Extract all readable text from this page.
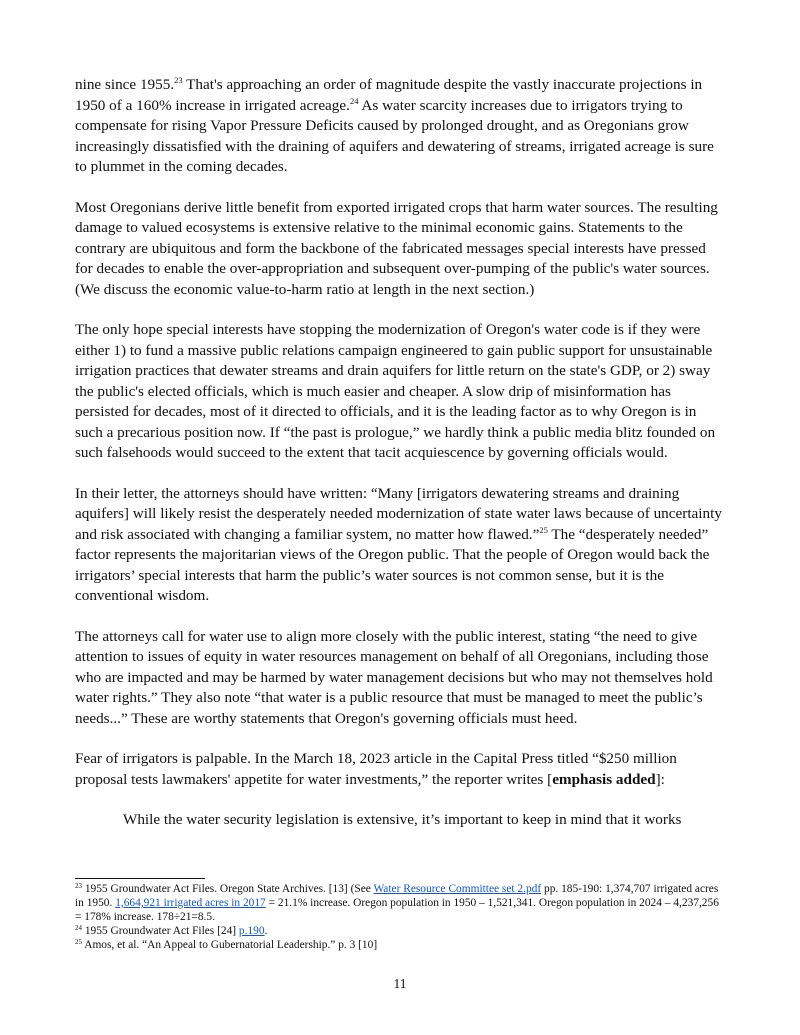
nine since 1955.23 That's approaching an order of magnitude despite the vastly inaccurate projections in 1950 of a 160% increase in irrigated acreage.$^{24}$ As water scarcity increases due to irrigators trying to compensate for rising Vapor Pressure Deficits caused by prolonged drought, and as Oregonians grow increasingly dissatisfied with the draining of aquifers and dewatering of streams, irrigated acreage is sure to plummet in the coming decades.

Most Oregonians derive little benefit from exported irrigated crops that harm water sources. The resulting damage to valued ecosystems is extensive relative to the minimal economic gains. Statements to the contrary are ubiquitous and form the backbone of the fabricated messages special interests have pressed for decades to enable the over-appropriation and subsequent over-pumping of the public's water sources. (We discuss the economic value-to-harm ratio at length in the next section.)

The only hope special interests have stopping the modernization of Oregon's water code is if they were either 1) to fund a massive public relations campaign engineered to gain public support for unsustainable irrigation practices that dewater streams and drain aquifers for little return on the state's GDP, or 2) sway the public's elected officials, which is much easier and cheaper. A slow drip of misinformation has persisted for decades, most of it directed to officials, and it is the leading factor as to why Oregon is in such a precarious position now. If “the past is prologue,” we hardly think a public media blitz founded on such falsehoods would succeed to the extent that tacit acquiescence by governing officials would.

In their letter, the attorneys should have written: “Many [irrigators dewatering streams and draining aquifers] will likely resist the desperately needed modernization of state water laws because of uncertainty and risk associated with changing a familiar system, no matter how flawed.”$^{25}$ The “desperately needed” factor represents the majoritarian views of the Oregon public. That the people of Oregon would back the irrigators’ special interests that harm the public’s water sources is not common sense, but it is the conventional wisdom.

The attorneys call for water use to align more closely with the public interest, stating “the need to give attention to issues of equity in water resources management on behalf of all Oregonians, including those who are impacted and may be harmed by water management decisions but who may not themselves hold water rights.” They also note “that water is a public resource that must be managed to meet the public’s needs...” These are worthy statements that Oregon's governing officials must heed.

Fear of irrigators is palpable. In the March 18, 2023 article in the Capital Press titled “$250 million proposal tests lawmakers' appetite for water investments,” the reporter writes [emphasis added]:

While the water security legislation is extensive, it’s important to keep in mind that it works

$^{23}$ 1955 Groundwater Act Files. Oregon State Archives. [13] (See Water Resource Committee set 2.pdf pp. 185-190: 1,374,707 irrigated acres in 1950. 1,664,921 irrigated acres in 2017 = 21.1% increase. Oregon population in 1950 – 1,521,341. Oregon population in 2024 – 4,237,256 = 178% increase. 178÷21=8.5.
$^{24}$ 1955 Groundwater Act Files [24] p.190.
$^{25}$ Amos, et al. “An Appeal to Gubernatorial Leadership.” p. 3 [10]
11
